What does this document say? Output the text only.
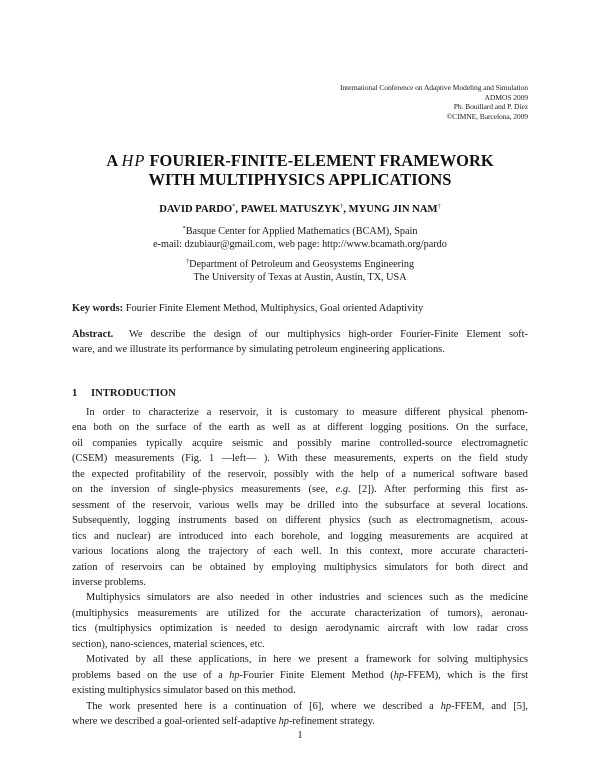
International Conference on Adaptive Modeling and Simulation
ADMOS 2009
Ph. Bouillard and P. Díez
©CIMNE, Barcelona, 2009
A HP FOURIER-FINITE-ELEMENT FRAMEWORK
WITH MULTIPHYSICS APPLICATIONS
DAVID PARDO*, PAWEL MATUSZYK†, MYUNG JIN NAM†
*Basque Center for Applied Mathematics (BCAM), Spain
e-mail: dzubiaur@gmail.com, web page: http://www.bcamath.org/pardo
†Department of Petroleum and Geosystems Engineering
The University of Texas at Austin, Austin, TX, USA
Key words: Fourier Finite Element Method, Multiphysics, Goal oriented Adaptivity
Abstract.  We describe the design of our multiphysics high-order Fourier-Finite Element soft-
ware, and we illustrate its performance by simulating petroleum engineering applications.
1 INTRODUCTION
In order to characterize a reservoir, it is customary to measure different physical phenom-
ena both on the surface of the earth as well as at different logging positions. On the surface,
oil companies typically acquire seismic and possibly marine controlled-source electromagnetic
(CSEM) measurements (Fig. 1 —left— ). With these measurements, experts on the field study
the expected profitability of the reservoir, possibly with the help of a numerical software based
on the inversion of single-physics measurements (see, e.g. [2]). After performing this first as-
sessment of the reservoir, various wells may be drilled into the subsurface at several locations.
Subsequently, logging instruments based on different physics (such as electromagnetism, acous-
tics and nuclear) are introduced into each borehole, and logging measurements are acquired at
various locations along the trajectory of each well. In this context, more accurate characteri-
zation of reservoirs can be obtained by employing multiphysics simulators for both direct and
inverse problems.
Multiphysics simulators are also needed in other industries and sciences such as the medicine
(multiphysics measurements are utilized for the accurate characterization of tumors), aeronau-
tics (multiphysics optimization is needed to design aerodynamic aircraft with low radar cross
section), nano-sciences, material sciences, etc.
Motivated by all these applications, in here we present a framework for solving multiphysics
problems based on the use of a hp-Fourier Finite Element Method (hp-FFEM), which is the first
existing multiphysics simulator based on this method.
The work presented here is a continuation of [6], where we described a hp-FFEM, and [5],
where we described a goal-oriented self-adaptive hp-refinement strategy.
1
